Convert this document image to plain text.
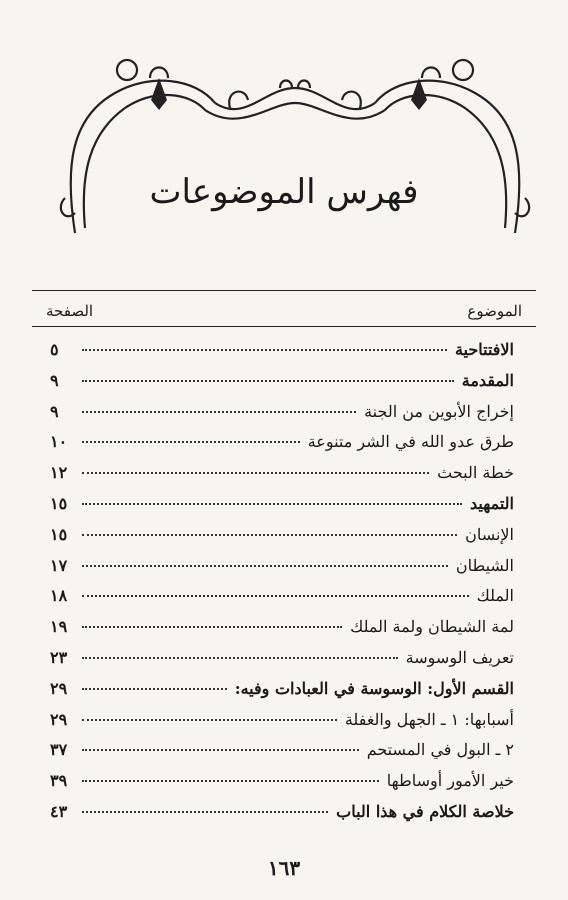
فهرس الموضوعات
الموضوع
الصفحة
الافتتاحية
٥
المقدمة
٩
إخراج الأبوين من الجنة
٩
طرق عدو الله في الشر متنوعة
١٠
خطة البحث
١٢
التمهيد
١٥
الإنسان
١٥
الشيطان
١٧
الملك
١٨
لمة الشيطان ولمة الملك
١٩
تعريف الوسوسة
٢٣
القسم الأول: الوسوسة في العبادات وفيه:
٢٩
أسبابها: ١ ـ الجهل والغفلة
٢٩
٢ ـ البول في المستحم
٣٧
خير الأمور أوساطها
٣٩
خلاصة الكلام في هذا الباب
٤٣
١٦٣
